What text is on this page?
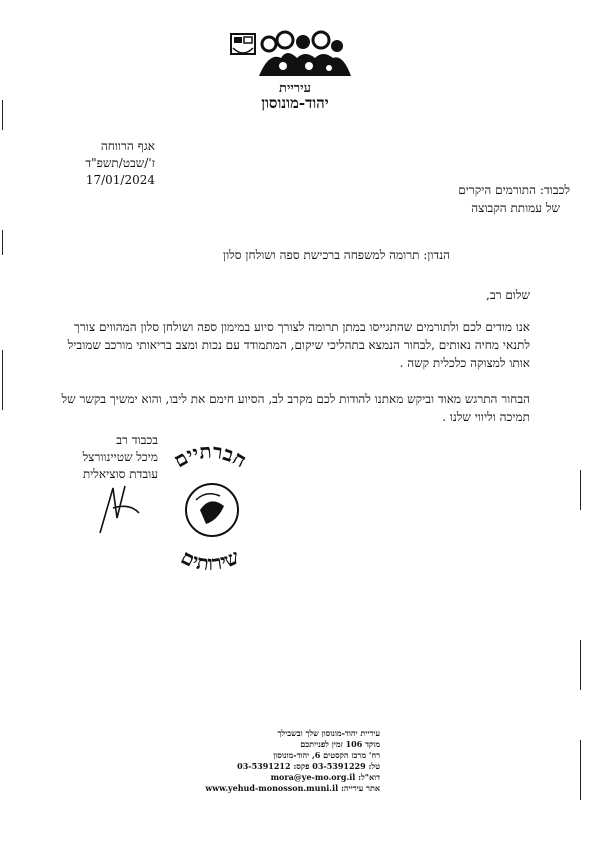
עיריית
יהוד-מונוסון
אגף הרווחה
ז'/שבט/תשפ"ד
17/01/2024
לכבוד: התורמים היקרים
של עמותת הקבוצה
הנדון: תרומה למשפחה ברכישת ספה ושולחן סלון
שלום רב,

אנו מודים לכם ולתורמים שהתגייסו במתן תרומה לצורך סיוע במימון ספה ושולחן סלון המהווים צורך לתנאי מחיה נאותים ,לבחור הנמצא בתהליכי שיקום, המתמודד עם נכות ומצב בריאותי מורכב שמוביל אותו למצוקה כלכלית קשה .

הבחור התרגש מאוד וביקש מאתנו להודות לכם מקרב לב, הסיוע חימם את ליבו, והוא ימשיך בקשר של תמיכה וליווי שלנו .

בכבוד רב
מיכל שטיינוורצל
עובדת סוציאלית
חברתיים
שירותים
עיריית יהוד-מונוסון שלך ובשבילך
מוקד 106 זמין לפנייתכם
רח' מרכז הקסטים 6, יהוד-מונוסון
טל: 03-5391229 פקס: 03-5391212
דוא"ל: mora@ye-mo.org.il
אתר עירייה: www.yehud-monosson.muni.il
